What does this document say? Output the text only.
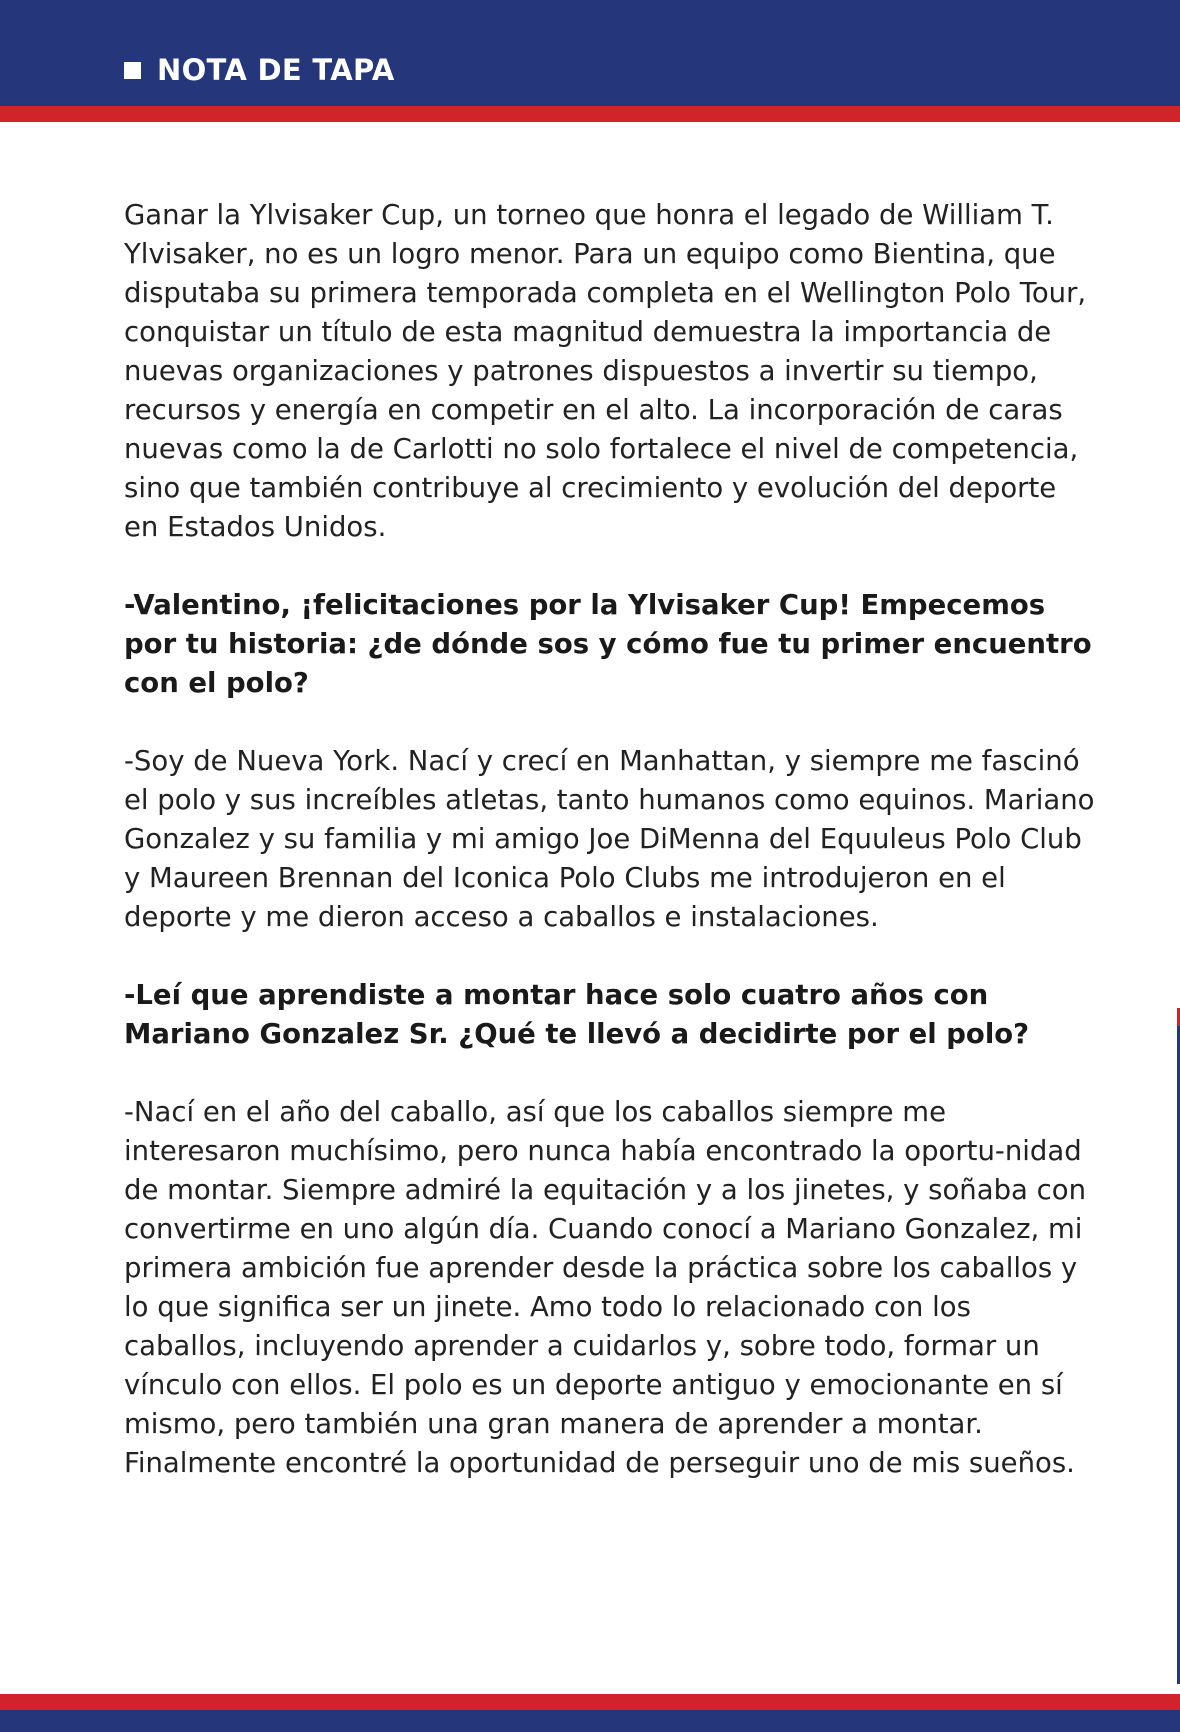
NOTA DE TAPA

Ganar la Ylvisaker Cup, un torneo que honra el legado de William T. Ylvisaker, no es un logro menor. Para un equipo como Bientina, que disputaba su primera temporada completa en el Wellington Polo Tour, conquistar un título de esta magnitud demuestra la importancia de nuevas organizaciones y patrones dispuestos a invertir su tiempo, recursos y energía en competir en el alto. La incorporación de caras nuevas como la de Carlotti no solo fortalece el nivel de competencia, sino que también contribuye al crecimiento y evolución del deporte en Estados Unidos.

-Valentino, ¡felicitaciones por la Ylvisaker Cup! Empecemos por tu historia: ¿de dónde sos y cómo fue tu primer encuentro con el polo?

-Soy de Nueva York. Nací y crecí en Manhattan, y siempre me fascinó el polo y sus increíbles atletas, tanto humanos como equinos. Mariano Gonzalez y su familia y mi amigo Joe DiMenna del Equuleus Polo Club y Maureen Brennan del Iconica Polo Clubs me introdujeron en el deporte y me dieron acceso a caballos e instalaciones.

-Leí que aprendiste a montar hace solo cuatro años con Mariano Gonzalez Sr. ¿Qué te llevó a decidirte por el polo?

-Nací en el año del caballo, así que los caballos siempre me interesaron muchísimo, pero nunca había encontrado la oportu-nidad de montar. Siempre admiré la equitación y a los jinetes, y soñaba con convertirme en uno algún día. Cuando conocí a Mariano Gonzalez, mi primera ambición fue aprender desde la práctica sobre los caballos y lo que significa ser un jinete. Amo todo lo relacionado con los caballos, incluyendo aprender a cuidarlos y, sobre todo, formar un vínculo con ellos. El polo es un deporte antiguo y emocionante en sí mismo, pero también una gran manera de aprender a montar. Finalmente encontré la oportunidad de perseguir uno de mis sueños.
